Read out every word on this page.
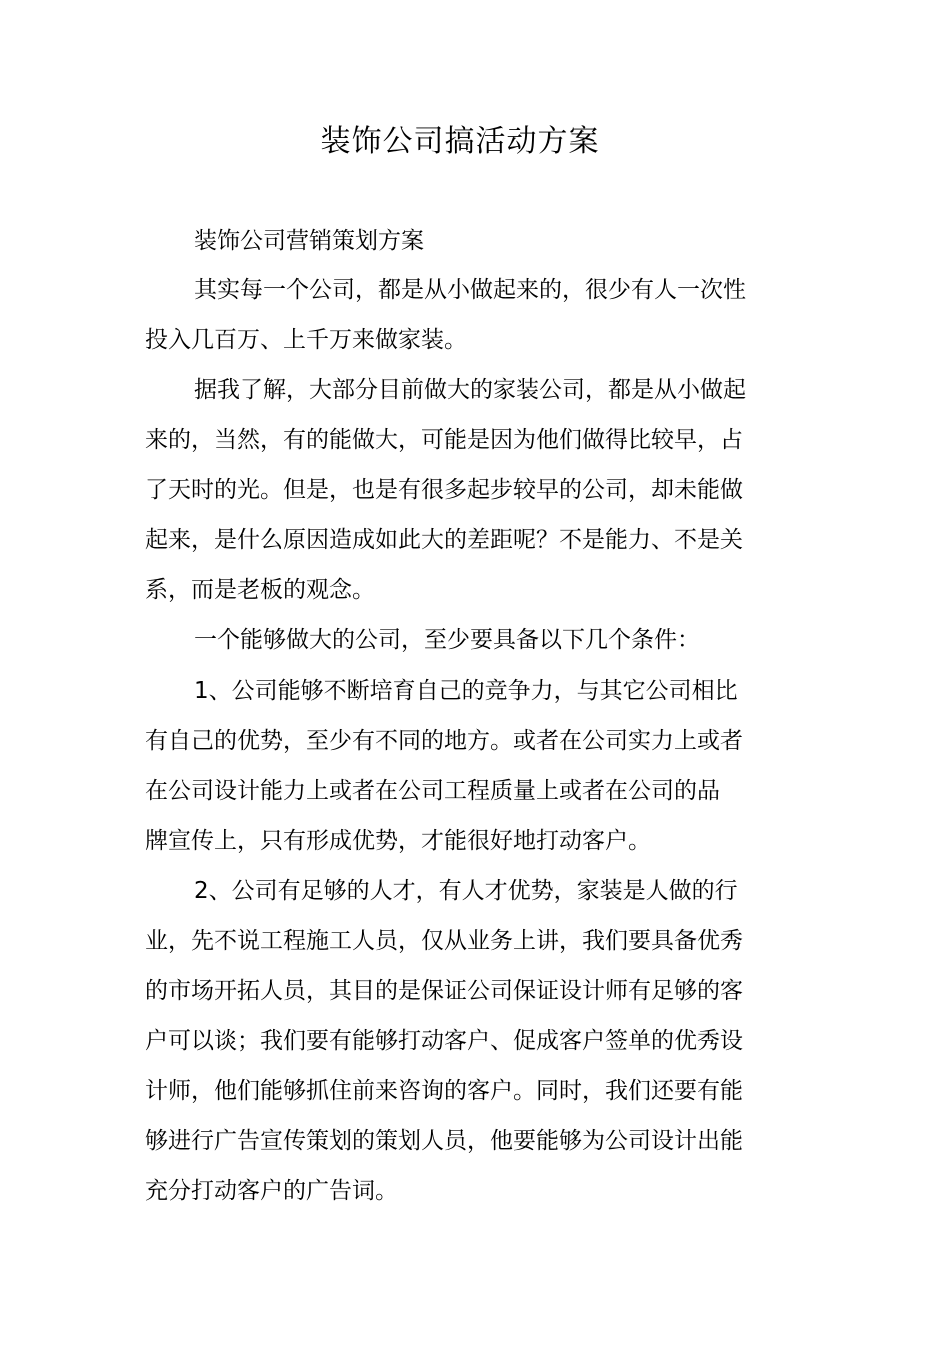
装饰公司搞活动方案

装饰公司营销策划方案

其实每一个公司，都是从小做起来的，很少有人一次性

投入几百万、上千万来做家装。

据我了解，大部分目前做大的家装公司，都是从小做起

来的，当然，有的能做大，可能是因为他们做得比较早，占

了天时的光。但是，也是有很多起步较早的公司，却未能做

起来，是什么原因造成如此大的差距呢？不是能力、不是关

系，而是老板的观念。

一个能够做大的公司，至少要具备以下几个条件：

1、公司能够不断培育自己的竞争力，与其它公司相比

有自己的优势，至少有不同的地方。或者在公司实力上或者

在公司设计能力上或者在公司工程质量上或者在公司的品

牌宣传上，只有形成优势，才能很好地打动客户。

2、公司有足够的人才，有人才优势，家装是人做的行

业，先不说工程施工人员，仅从业务上讲，我们要具备优秀

的市场开拓人员，其目的是保证公司保证设计师有足够的客

户可以谈；我们要有能够打动客户、促成客户签单的优秀设

计师，他们能够抓住前来咨询的客户。同时，我们还要有能

够进行广告宣传策划的策划人员，他要能够为公司设计出能

充分打动客户的广告词。
